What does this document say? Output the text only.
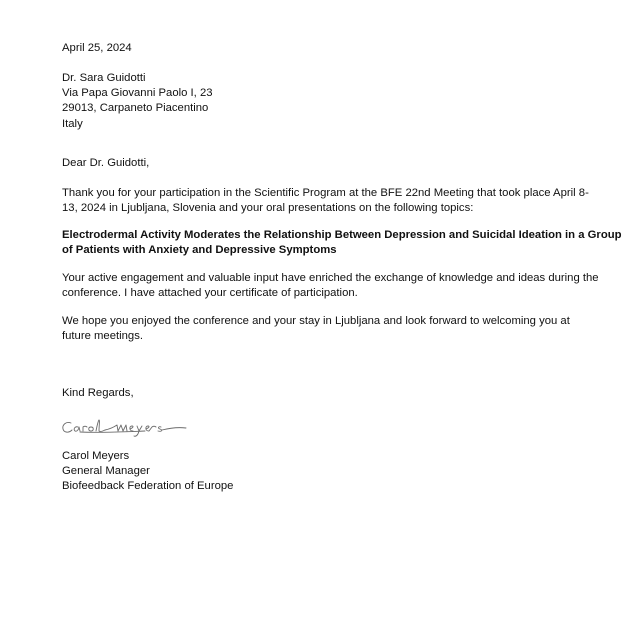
April 25, 2024
Dr. Sara Guidotti
Via Papa Giovanni Paolo I, 23
29013, Carpaneto Piacentino
Italy
Dear Dr. Guidotti,
Thank you for your participation in the Scientific Program at the BFE 22nd Meeting that took place April 8-
13, 2024 in Ljubljana, Slovenia and your oral presentations on the following topics:
Electrodermal Activity Moderates the Relationship Between Depression and Suicidal Ideation in a Group
of Patients with Anxiety and Depressive Symptoms
Your active engagement and valuable input have enriched the exchange of knowledge and ideas during the
conference. I have attached your certificate of participation.
We hope you enjoyed the conference and your stay in Ljubljana and look forward to welcoming you at
future meetings.
Kind Regards,
Carol Meyers
General Manager
Biofeedback Federation of Europe
